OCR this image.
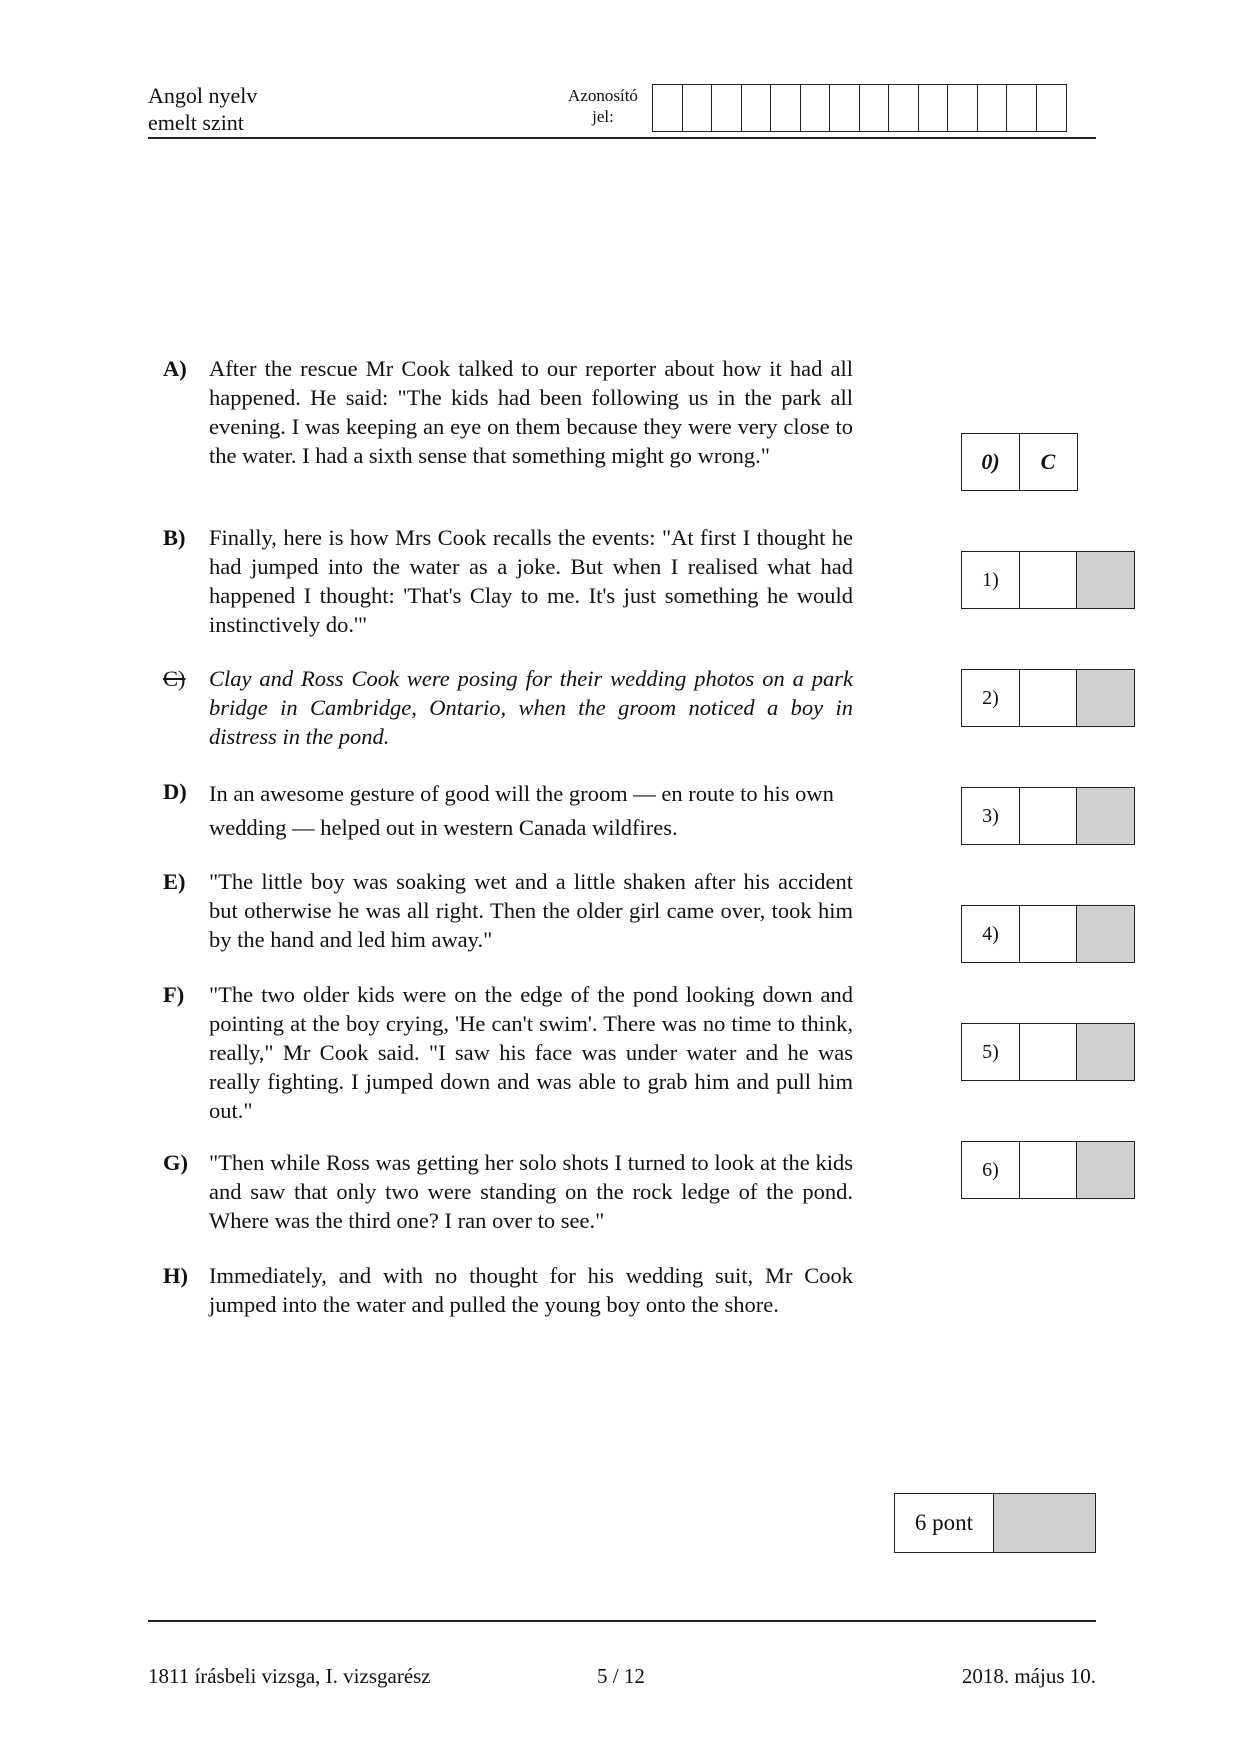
Angol nyelv
emelt szint
Azonosító
jel:
A) After the rescue Mr Cook talked to our reporter about how it had all happened. He said: "The kids had been following us in the park all evening. I was keeping an eye on them because they were very close to the water. I had a sixth sense that something might go wrong."
B) Finally, here is how Mrs Cook recalls the events: "At first I thought he had jumped into the water as a joke. But when I realised what had happened I thought: 'That's Clay to me. It's just something he would instinctively do.'"
C) Clay and Ross Cook were posing for their wedding photos on a park bridge in Cambridge, Ontario, when the groom noticed a boy in distress in the pond.
D) In an awesome gesture of good will the groom — en route to his own wedding — helped out in western Canada wildfires.
E) "The little boy was soaking wet and a little shaken after his accident but otherwise he was all right. Then the older girl came over, took him by the hand and led him away."
F) "The two older kids were on the edge of the pond looking down and pointing at the boy crying, 'He can't swim'. There was no time to think, really," Mr Cook said. "I saw his face was under water and he was really fighting. I jumped down and was able to grab him and pull him out."
G) "Then while Ross was getting her solo shots I turned to look at the kids and saw that only two were standing on the rock ledge of the pond. Where was the third one? I ran over to see."
H) Immediately, and with no thought for his wedding suit, Mr Cook jumped into the water and pulled the young boy onto the shore.
0)	C
1)
2)
3)
4)
5)
6)
6 pont
1811 írásbeli vizsga, I. vizsgarész	5 / 12	2018. május 10.
